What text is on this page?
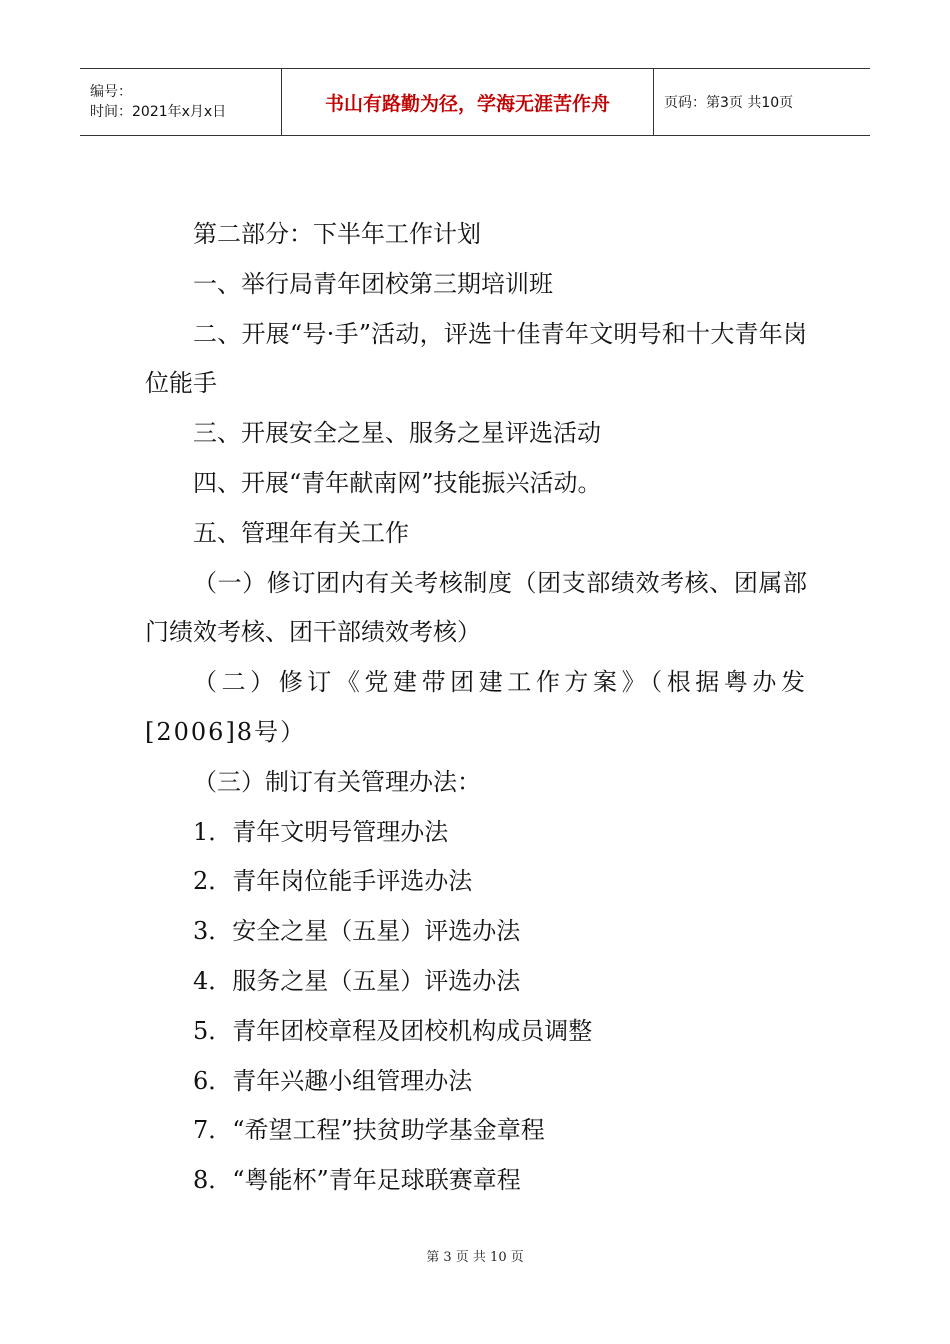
编号：
时间：2021年x月x日	书山有路勤为径，学海无涯苦作舟	页码：第3页 共10页

第二部分：下半年工作计划

一、举行局青年团校第三期培训班

二、开展“号·手”活动，评选十佳青年文明号和十大青年岗位能手

三、开展安全之星、服务之星评选活动

四、开展“青年献南网”技能振兴活动。

五、管理年有关工作

（一）修订团内有关考核制度（团支部绩效考核、团属部门绩效考核、团干部绩效考核）

（二）修订《党建带团建工作方案》（根据粤办发[2006]8号）

（三）制订有关管理办法：

1．青年文明号管理办法

2．青年岗位能手评选办法

3．安全之星（五星）评选办法

4．服务之星（五星）评选办法

5．青年团校章程及团校机构成员调整

6．青年兴趣小组管理办法

7．“希望工程”扶贫助学基金章程

8．“粤能杯”青年足球联赛章程

第 3 页 共 10 页
